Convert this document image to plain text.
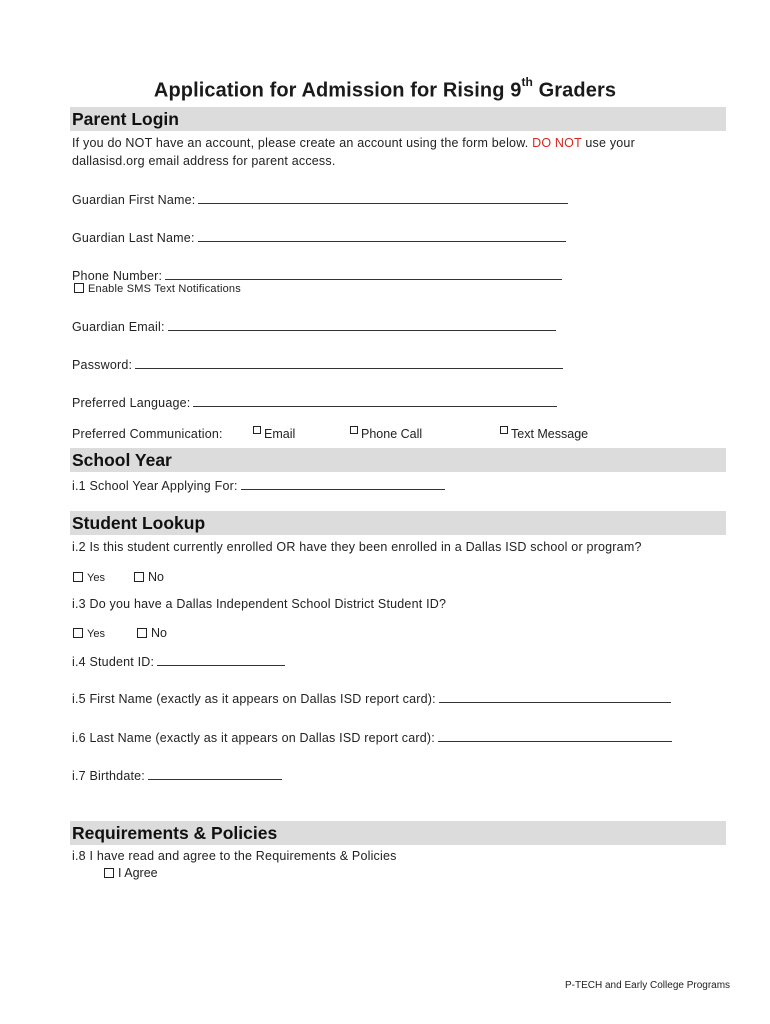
Application for Admission for Rising 9th Graders
Parent Login
If you do NOT have an account, please create an account using the form below. DO NOT use your
dallasisd.org email address for parent access.
Guardian First Name:
Guardian Last Name:
Phone Number:
Enable SMS Text Notifications
Guardian Email:
Password:
Preferred Language:
Preferred Communication:	Email	Phone Call	Text Message
School Year
i.1 School Year Applying For:
Student Lookup
i.2 Is this student currently enrolled OR have they been enrolled in a Dallas ISD school or program?
Yes	No
i.3 Do you have a Dallas Independent School District Student ID?
Yes	No
i.4 Student ID:
i.5 First Name (exactly as it appears on Dallas ISD report card):
i.6 Last Name (exactly as it appears on Dallas ISD report card):
i.7 Birthdate:
Requirements & Policies
i.8 I have read and agree to the Requirements & Policies
I Agree
P-TECH and Early College Programs
